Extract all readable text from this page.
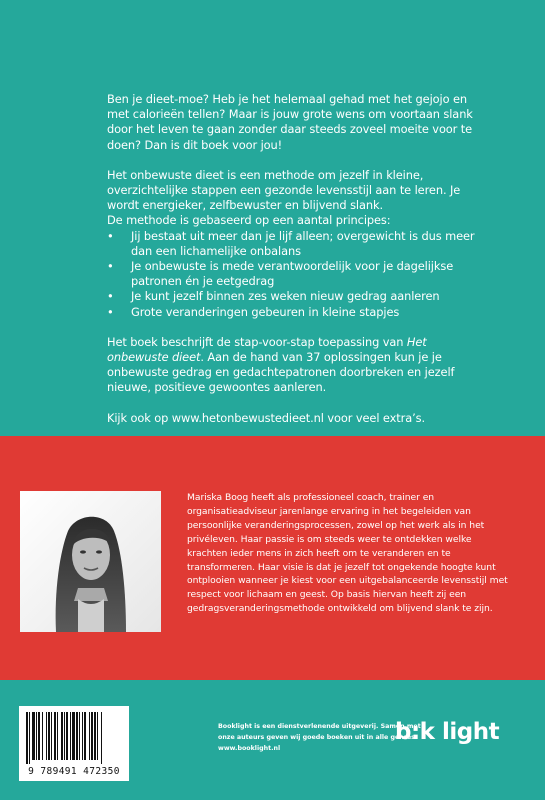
Ben je dieet-moe? Heb je het helemaal gehad met het gejojo en met calorieën tellen? Maar is jouw grote wens om voortaan slank door het leven te gaan zonder daar steeds zoveel moeite voor te doen? Dan is dit boek voor jou!

Het onbewuste dieet is een methode om jezelf in kleine, overzichtelijke stappen een gezonde levensstijl aan te leren. Je wordt energieker, zelfbewuster en blijvend slank.

De methode is gebaseerd op een aantal principes:

• Jij bestaat uit meer dan je lijf alleen; overgewicht is dus meer dan een lichamelijke onbalans
• Je onbewuste is mede verantwoordelijk voor je dagelijkse patronen én je eetgedrag
• Je kunt jezelf binnen zes weken nieuw gedrag aanleren
• Grote veranderingen gebeuren in kleine stapjes

Het boek beschrijft de stap-voor-stap toepassing van Het onbewuste dieet. Aan de hand van 37 oplossingen kun je je onbewuste gedrag en gedachtepatronen doorbreken en jezelf nieuwe, positieve gewoontes aanleren.

Kijk ook op www.hetonbewustedieet.nl voor veel extra’s.

Mariska Boog heeft als professioneel coach, trainer en organisatieadviseur jarenlange ervaring in het begeleiden van persoonlijke veranderingsprocessen, zowel op het werk als in het privéleven. Haar passie is om steeds weer te ontdekken welke krachten ieder mens in zich heeft om te veranderen en te transformeren. Haar visie is dat je jezelf tot ongekende hoogte kunt ontplooien wanneer je kiest voor een uitgebalanceerde levensstijl met respect voor lichaam en geest. Op basis hiervan heeft zij een gedragsveranderingsmethode ontwikkeld om blijvend slank te zijn.
9 789491 472350
Booklight is een dienstverlenende uitgeverij. Samen met onze auteurs geven wij goede boeken uit in alle genres. www.booklight.nl
b:k light
